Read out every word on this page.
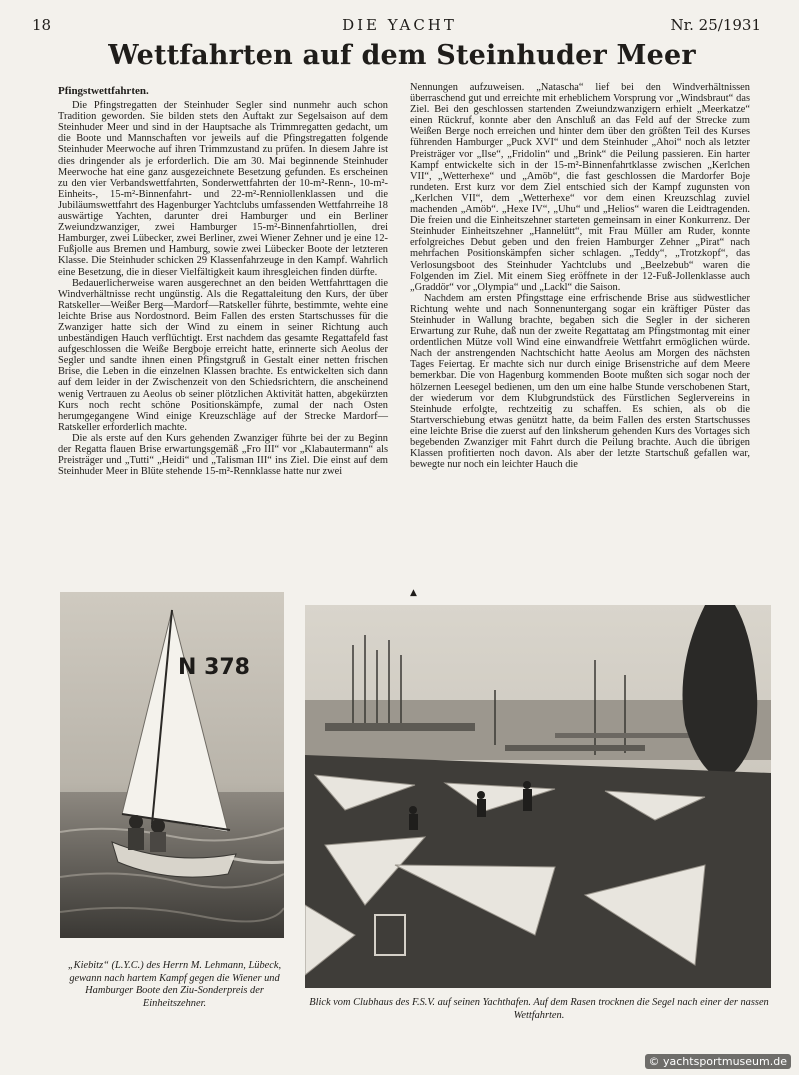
18	DIE YACHT	Nr. 25/1931
Wettfahrten auf dem Steinhuder Meer
Pfingstwettfahrten.

Die Pfingstregatten der Steinhuder Segler sind nunmehr auch schon Tradition geworden. Sie bilden stets den Auftakt zur Segelsaison auf dem Steinhuder Meer und sind in der Hauptsache als Trimmregatten gedacht, um die Boote und Mannschaften vor jeweils auf die Pfingstregatten folgende Steinhuder Meerwoche auf ihren Trimmzustand zu prüfen. In diesem Jahre ist dies dringender als je erforderlich. Die am 30. Mai beginnende Steinhuder Meerwoche hat eine ganz ausgezeichnete Besetzung gefunden. Es erscheinen zu den vier Verbandswettfahrten, Sonderwettfahrten der 10-m²-Renn-, 10-m²-Einheits-, 15-m²-Binnenfahrt- und 22-m²-Renniollenklassen und die Jubiläumswettfahrt des Hagenburger Yachtclubs umfassenden Wettfahrreihe 18 auswärtige Yachten, darunter drei Hamburger und ein Berliner Zweiundzwanziger, zwei Hamburger 15-m²-Binnenfahrtiollen, drei Hamburger, zwei Lübecker, zwei Berliner, zwei Wiener Zehner und je eine 12-Fußjolle aus Bremen und Hamburg, sowie zwei Lübecker Boote der letzteren Klasse. Die Steinhuder schicken 29 Klassenfahrzeuge in den Kampf. Wahrlich eine Besetzung, die in dieser Vielfältigkeit kaum ihresgleichen finden dürfte.

Bedauerlicherweise waren ausgerechnet an den beiden Wettfahrttagen die Windverhältnisse recht ungünstig. Als die Regattaleitung den Kurs, der über Ratskeller—Weißer Berg—Mardorf—Ratskeller führte, bestimmte, wehte eine leichte Brise aus Nordostnord. Beim Fallen des ersten Startschusses für die Zwanziger hatte sich der Wind zu einem in seiner Richtung auch unbeständigen Hauch verflüchtigt. Erst nachdem das gesamte Regattafeld fast aufgeschlossen die Weiße Bergboje erreicht hatte, erinnerte sich Aeolus der Segler und sandte ihnen einen Pfingstgruß in Gestalt einer netten frischen Brise, die Leben in die einzelnen Klassen brachte. Es entwickelten sich dann auf dem leider in der Zwischenzeit von den Schiedsrichtern, die anscheinend wenig Vertrauen zu Aeolus ob seiner plötzlichen Aktivität hatten, abgekürzten Kurs noch recht schöne Positionskämpfe, zumal der nach Osten herumgegangene Wind einige Kreuzschläge auf der Strecke Mardorf—Ratskeller erforderlich machte.

Die als erste auf den Kurs gehenden Zwanziger führte bei der zu Beginn der Regatta flauen Brise erwartungsgemäß „Fro III“ vor „Klabautermann“ als Preisträger und „Tutti“ „Heidi“ und „Talisman III“ ins Ziel. Die einst auf dem Steinhuder Meer in Blüte stehende 15-m²-Rennklasse hatte nur zwei

Nennungen aufzuweisen. „Natascha“ lief bei den Windverhältnissen überraschend gut und erreichte mit erheblichem Vorsprung vor „Windsbraut“ das Ziel. Bei den geschlossen startenden Zweiundzwanzigern erhielt „Meerkatze“ einen Rückruf, konnte aber den Anschluß an das Feld auf der Strecke zum Weißen Berge noch erreichen und hinter dem über den größten Teil des Kurses führenden Hamburger „Puck XVI“ und dem Steinhuder „Ahoi“ noch als letzter Preisträger vor „Ilse“, „Fridolin“ und „Brink“ die Peilung passieren. Ein harter Kampf entwickelte sich in der 15-m²-Binnenfahrtklasse zwischen „Kerlchen VII“, „Wetterhexe“ und „Amöb“, die fast geschlossen die Mardorfer Boje rundeten. Erst kurz vor dem Ziel entschied sich der Kampf zugunsten von „Kerlchen VII“, dem „Wetterhexe“ vor dem einen Kreuzschlag zuviel machenden „Amöb“. „Hexe IV“, „Uhu“ und „Helios“ waren die Leidtragenden. Die freien und die Einheitszehner starteten gemeinsam in einer Konkurrenz. Der Steinhuder Einheitszehner „Hannelütt“, mit Frau Müller am Ruder, konnte erfolgreiches Debut geben und den freien Hamburger Zehner „Pirat“ nach mehrfachen Positionskämpfen sicher schlagen. „Teddy“, „Trotzkopf“, das Verlosungsboot des Steinhuder Yachtclubs und „Beelzebub“ waren die Folgenden im Ziel. Mit einem Sieg eröffnete in der 12-Fuß-Jollenklasse auch „Graddör“ vor „Olympia“ und „Lackl“ die Saison.

Nachdem am ersten Pfingsttage eine erfrischende Brise aus südwestlicher Richtung wehte und nach Sonnenuntergang sogar ein kräftiger Püster das Steinhuder in Wallung brachte, begaben sich die Segler in der sicheren Erwartung zur Ruhe, daß nun der zweite Regattatag am Pfingstmontag mit einer ordentlichen Mütze voll Wind eine einwandfreie Wettfahrt ermöglichen würde. Nach der anstrengenden Nachtschicht hatte Aeolus am Morgen des nächsten Tages Feiertag. Er machte sich nur durch einige Brisenstriche auf dem Meere bemerkbar. Die von Hagenburg kommenden Boote mußten sich sogar noch der hölzernen Leesegel bedienen, um den um eine halbe Stunde verschobenen Start, der wiederum vor dem Klubgrundstück des Fürstlichen Seglervereins in Steinhude erfolgte, rechtzeitig zu schaffen. Es schien, als ob die Startverschiebung etwas genützt hatte, da beim Fallen des ersten Startschusses eine leichte Brise die zuerst auf den linksherum gehenden Kurs des Vortages sich begebenden Zwanziger mit Fahrt durch die Peilung brachte. Auch die übrigen Klassen profitierten noch davon. Als aber der letzte Startschuß gefallen war, bewegte nur noch ein leichter Hauch die

▲
N 378
„Kiebitz“ (L.Y.C.) des Herrn M. Lehmann, Lübeck, gewann nach hartem Kampf gegen die Wiener und Hamburger Boote den Ziu-Sonderpreis der Einheitszehner.	Blick vom Clubhaus des F.S.V. auf seinen Yachthafen. Auf dem Rasen trocknen die Segel nach einer der nassen Wettfahrten.
© yachtsportmuseum.de
